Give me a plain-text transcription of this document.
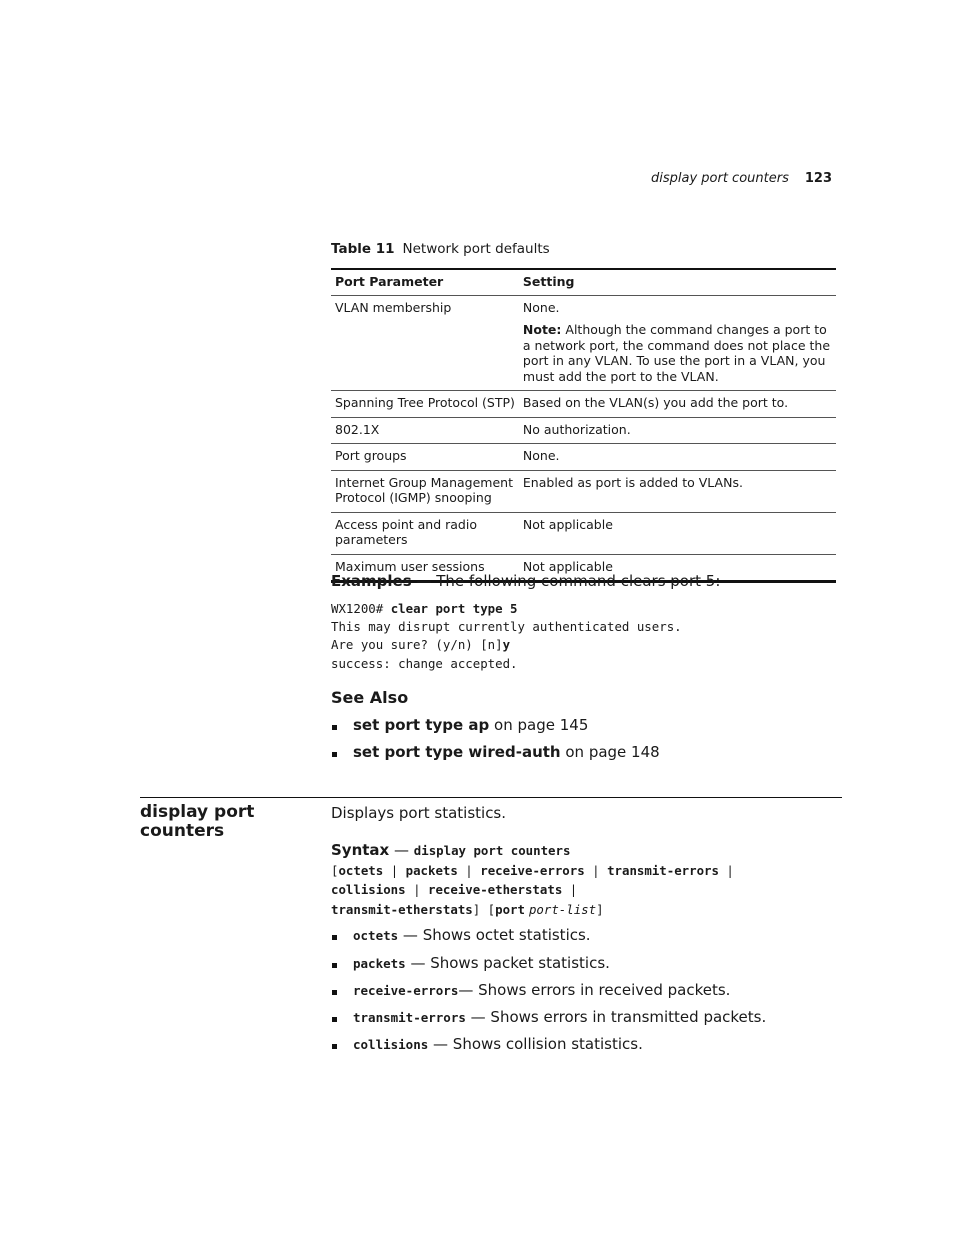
display port counters 123
Table 11 Network port defaults
Port Parameter	Setting
VLAN membership	None.
Note: Although the command changes a port to a network port, the command does not place the port in any VLAN. To use the port in a VLAN, you must add the port to the VLAN.

Spanning Tree Protocol (STP)	Based on the VLAN(s) you add the port to.
802.1X	No authorization.
Port groups	None.
Internet Group Management Protocol (IGMP) snooping	Enabled as port is added to VLANs.
Access point and radio parameters	Not applicable
Maximum user sessions	Not applicable
Examples — The following command clears port 5:
WX1200# clear port type 5
This may disrupt currently authenticated users.
Are you sure? (y/n) [n]y
success: change accepted.
See Also
set port type ap on page 145
set port type wired-auth on page 148
display port counters
Displays port statistics.
Syntax — display port counters
[octets | packets | receive-errors | transmit-errors |
collisions | receive-etherstats |
transmit-etherstats] [port port-list]
octets — Shows octet statistics.
packets — Shows packet statistics.
receive-errors— Shows errors in received packets.
transmit-errors — Shows errors in transmitted packets.
collisions — Shows collision statistics.
